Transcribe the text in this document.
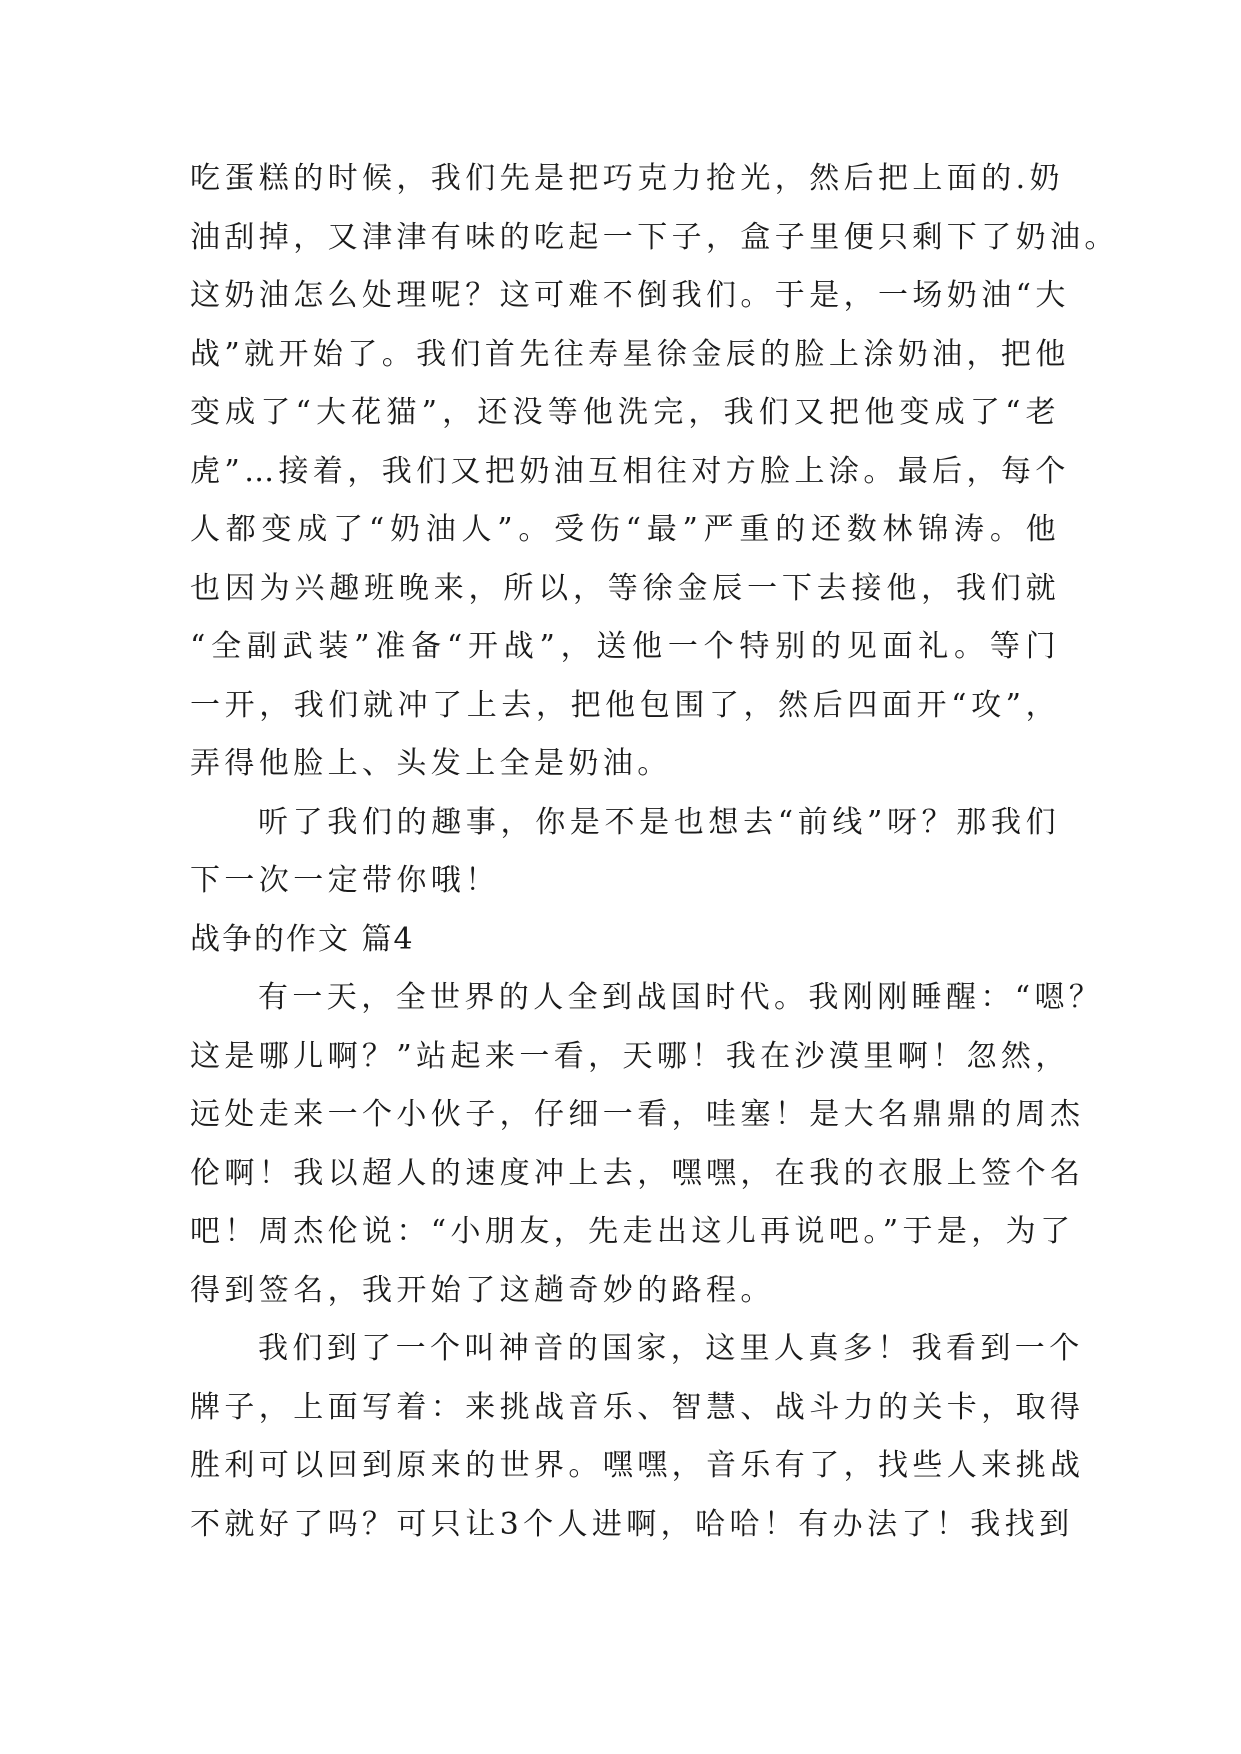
吃蛋糕的时候，我们先是把巧克力抢光，然后把上面的.奶
油刮掉，又津津有味的吃起一下子，盒子里便只剩下了奶油。
这奶油怎么处理呢？这可难不倒我们。于是，一场奶油“大
战”就开始了。我们首先往寿星徐金辰的脸上涂奶油，把他
变成了“大花猫”，还没等他洗完，我们又把他变成了“老
虎”…接着，我们又把奶油互相往对方脸上涂。最后，每个
人都变成了“奶油人”。受伤“最”严重的还数林锦涛。他
也因为兴趣班晚来，所以，等徐金辰一下去接他，我们就
“全副武装”准备“开战”，送他一个特别的见面礼。等门
一开，我们就冲了上去，把他包围了，然后四面开“攻”，
弄得他脸上、头发上全是奶油。
听了我们的趣事，你是不是也想去“前线”呀？那我们
下一次一定带你哦！
战争的作文 篇4
有一天，全世界的人全到战国时代。我刚刚睡醒：“嗯？
这是哪儿啊？”站起来一看，天哪！我在沙漠里啊！忽然，
远处走来一个小伙子，仔细一看，哇塞！是大名鼎鼎的周杰
伦啊！我以超人的速度冲上去，嘿嘿，在我的衣服上签个名
吧！周杰伦说：“小朋友，先走出这儿再说吧。”于是，为了
得到签名，我开始了这趟奇妙的路程。
我们到了一个叫神音的国家，这里人真多！我看到一个
牌子，上面写着：来挑战音乐、智慧、战斗力的关卡，取得
胜利可以回到原来的世界。嘿嘿，音乐有了，找些人来挑战
不就好了吗？可只让3个人进啊，哈哈！有办法了！我找到
